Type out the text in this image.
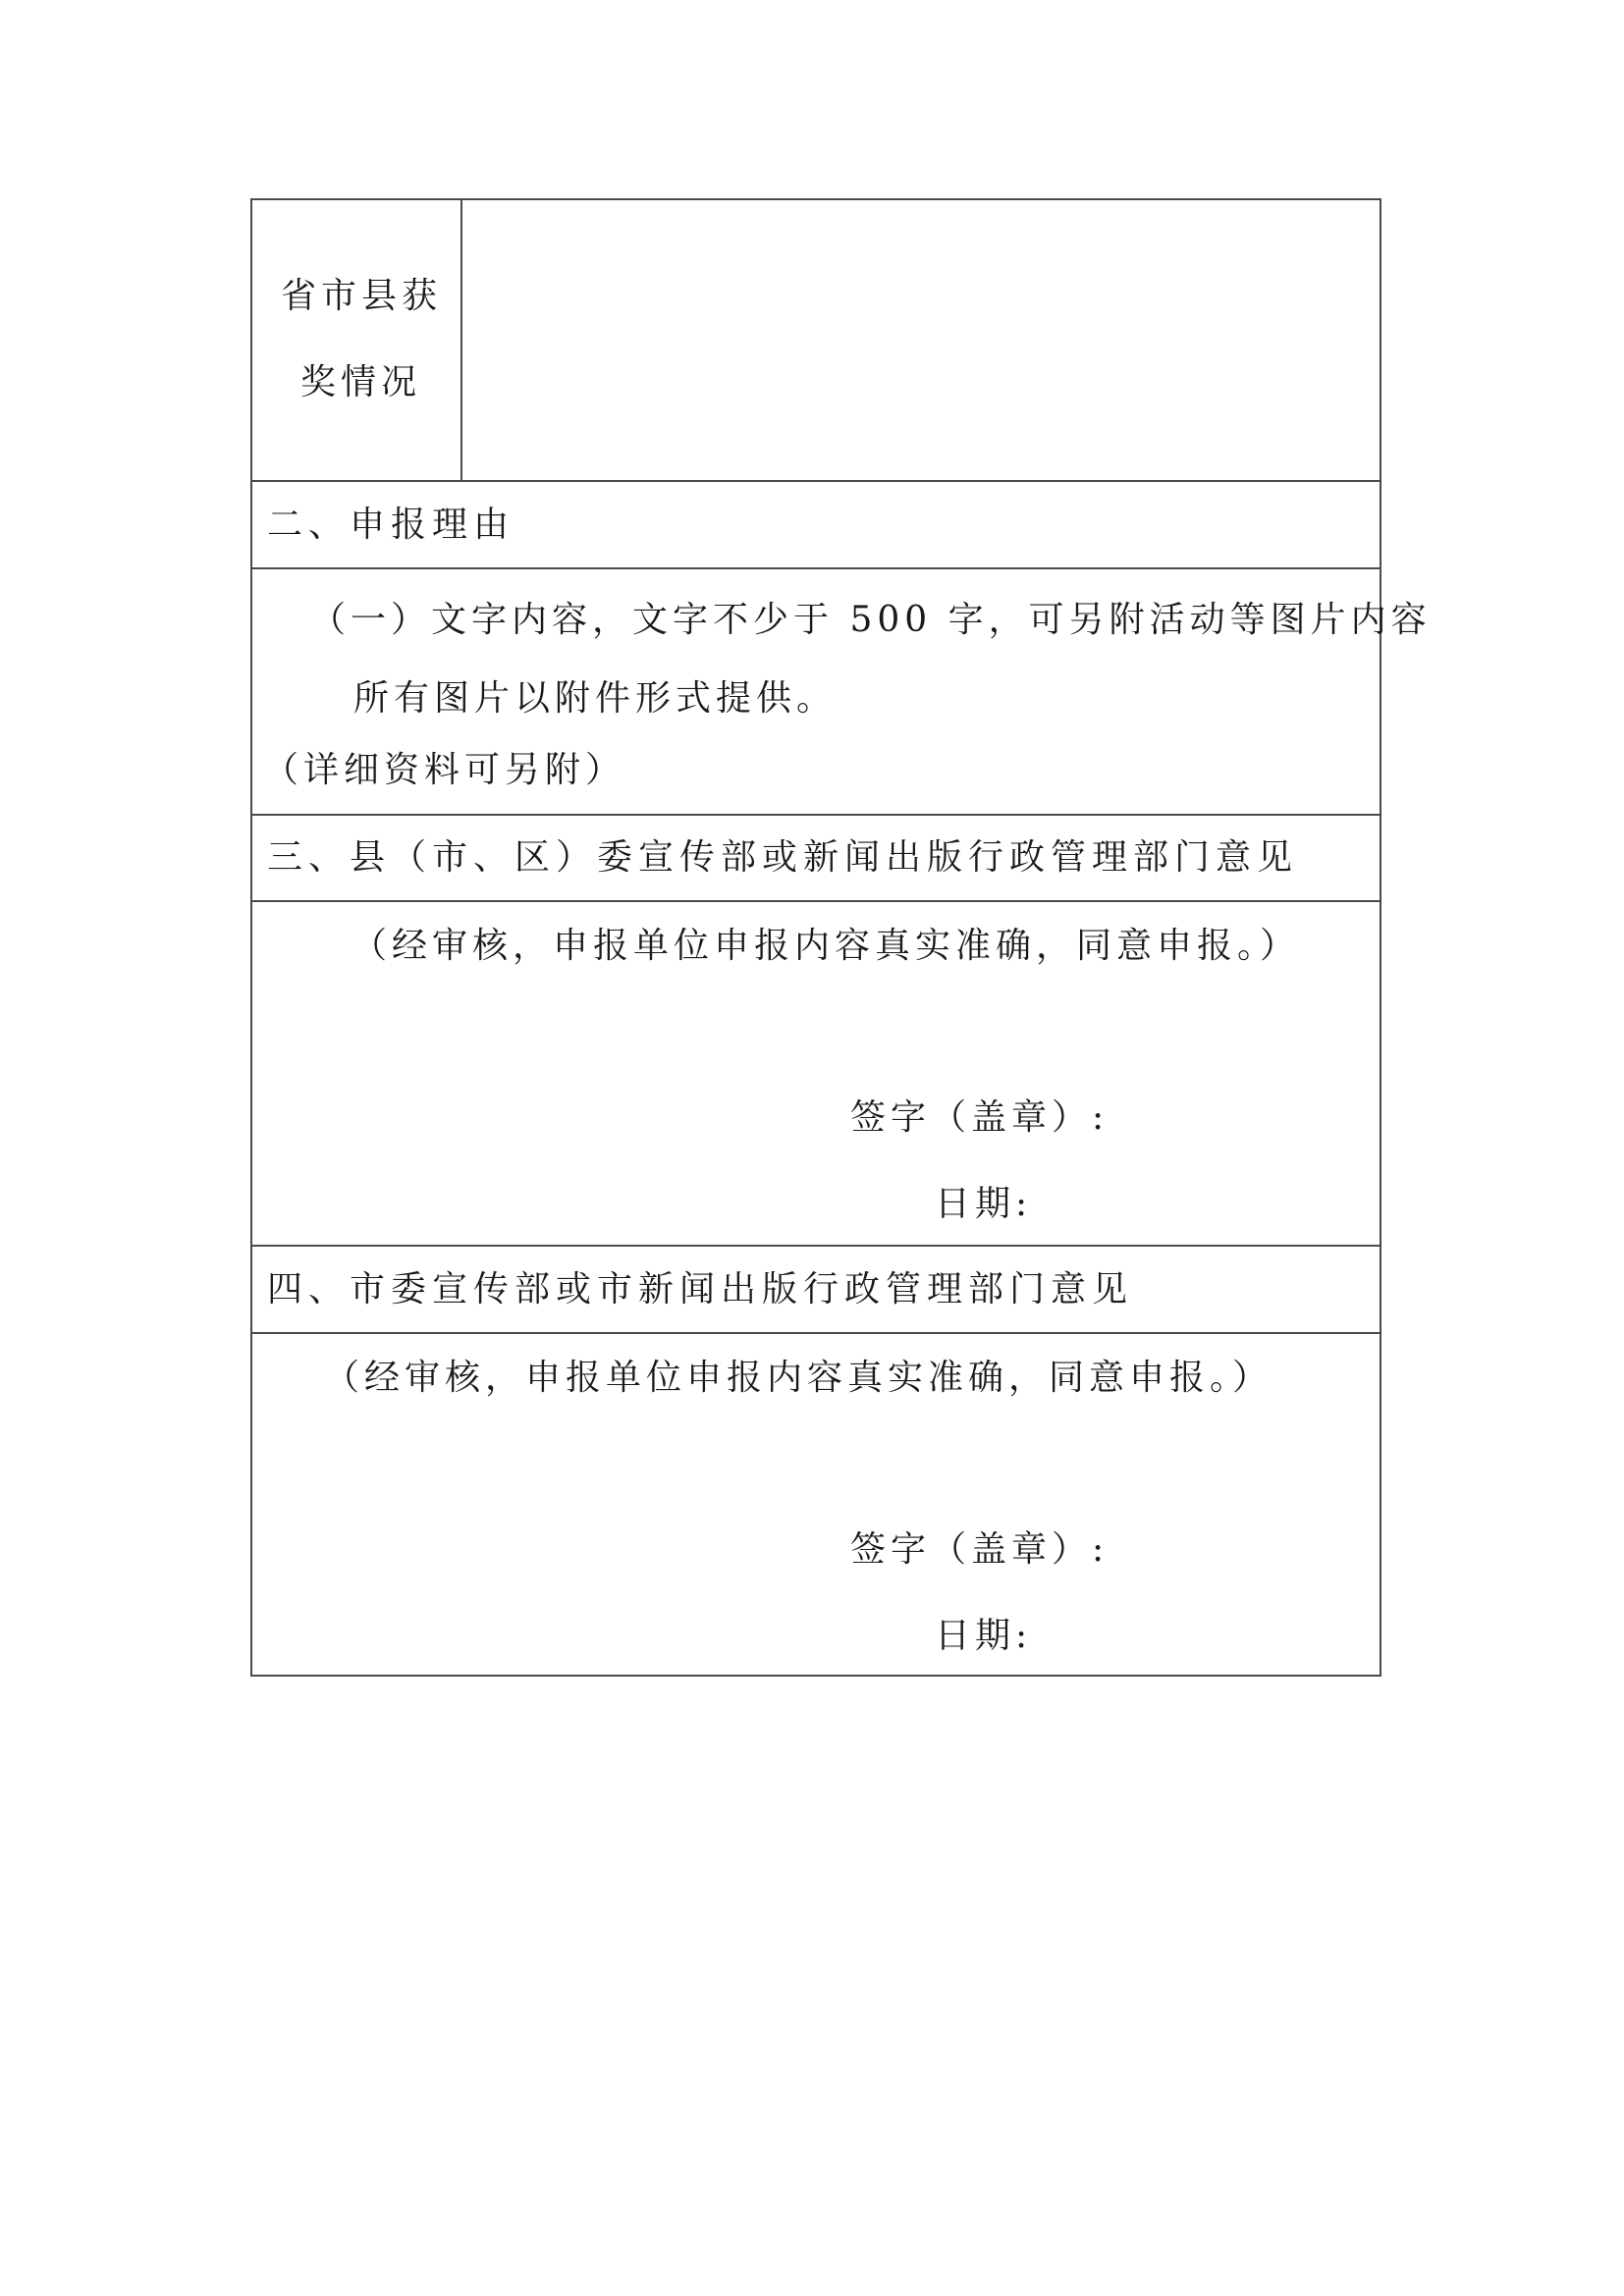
省市县获
奖情况
二、申报理由
（一）文字内容，文字不少于 500 字，可另附活动等图片内容
所有图片以附件形式提供。
（详细资料可另附）
三、县（市、区）委宣传部或新闻出版行政管理部门意见
（经审核，申报单位申报内容真实准确，同意申报。）
签字（盖章）:
日期:
四、市委宣传部或市新闻出版行政管理部门意见
（经审核，申报单位申报内容真实准确，同意申报。）
签字（盖章）:
日期:
